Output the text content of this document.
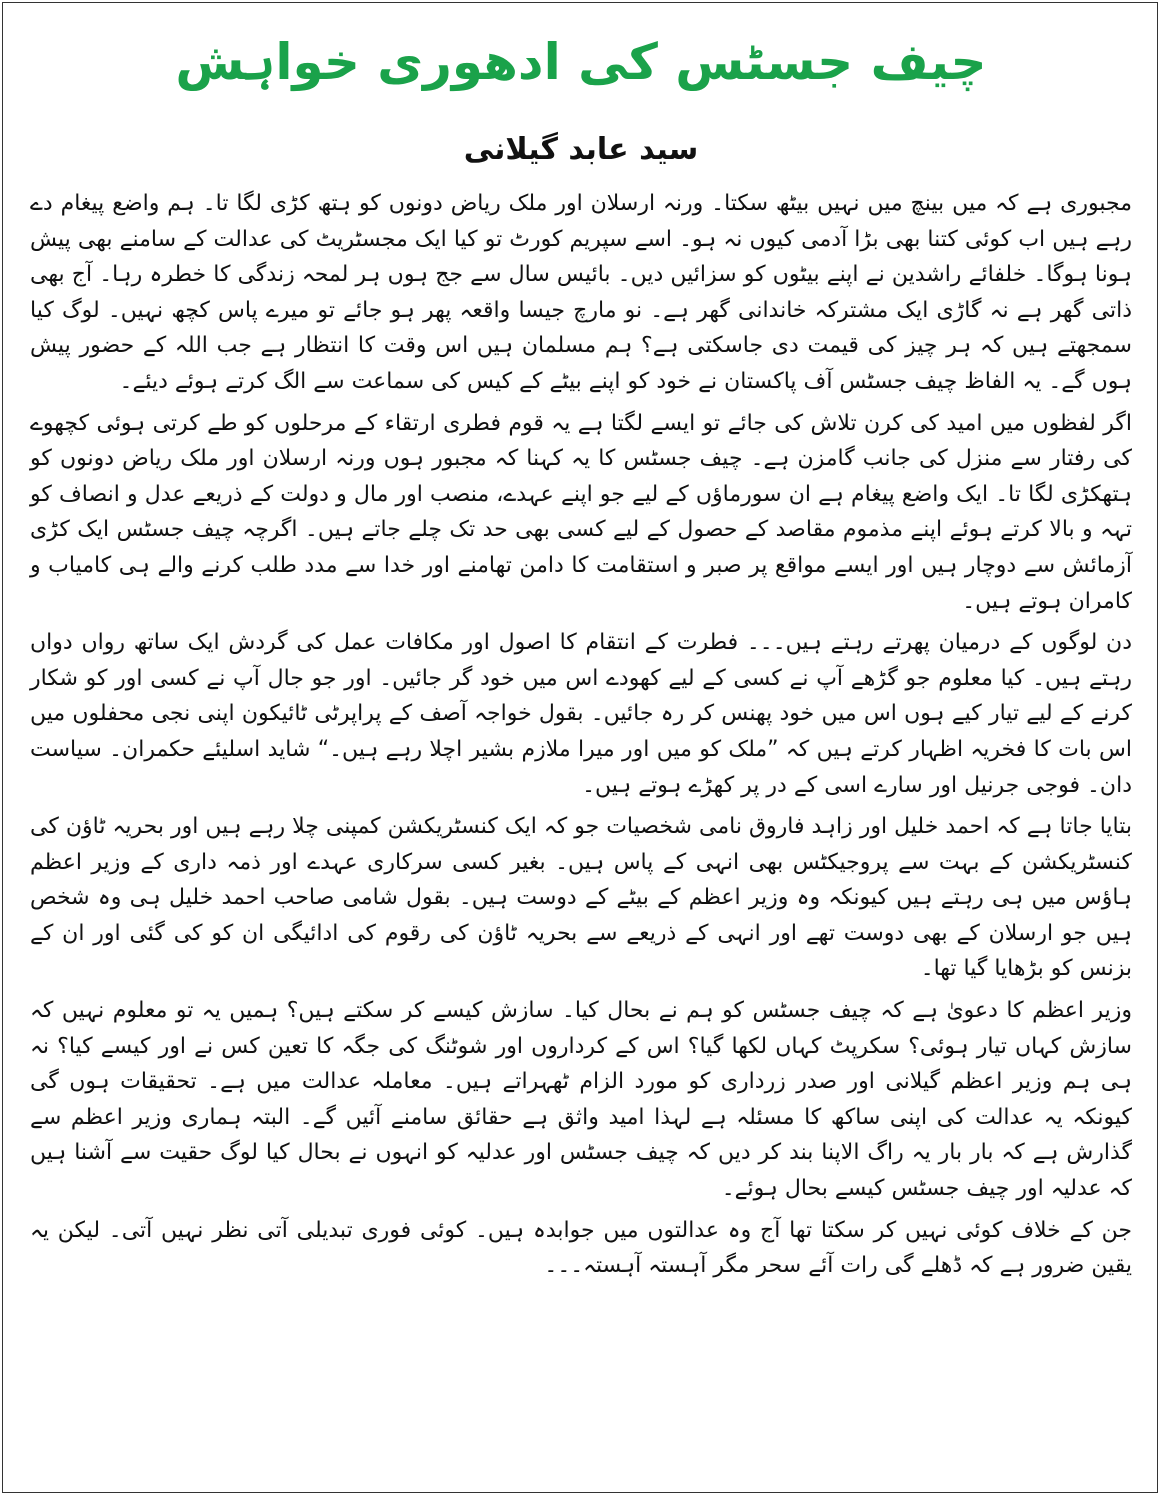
چیف جسٹس کی ادھوری خواہش
سید عابد گیلانی

مجبوری ہے کہ میں بینچ میں نہیں بیٹھ سکتا۔ ورنہ ارسلان اور ملک ریاض دونوں کو ہتھ کڑی لگا تا۔ ہم واضع پیغام دے رہے ہیں اب کوئی کتنا بھی بڑا آدمی کیوں نہ ہو۔ اسے سپریم کورٹ تو کیا ایک مجسٹریٹ کی عدالت کے سامنے بھی پیش ہونا ہوگا۔ خلفائے راشدین نے اپنے بیٹوں کو سزائیں دیں۔ بائیس سال سے جج ہوں ہر لمحہ زندگی کا خطرہ رہا۔ آج بھی ذاتی گھر ہے نہ گاڑی ایک مشترکہ خاندانی گھر ہے۔ نو مارچ جیسا واقعہ پھر ہو جائے تو میرے پاس کچھ نہیں۔ لوگ کیا سمجھتے ہیں کہ ہر چیز کی قیمت دی جاسکتی ہے؟ ہم مسلمان ہیں اس وقت کا انتظار ہے جب اللہ کے حضور پیش ہوں گے۔ یہ الفاظ چیف جسٹس آف پاکستان نے خود کو اپنے بیٹے کے کیس کی سماعت سے الگ کرتے ہوئے دیئے۔

اگر لفظوں میں امید کی کرن تلاش کی جائے تو ایسے لگتا ہے یہ قوم فطری ارتقاء کے مرحلوں کو طے کرتی ہوئی کچھوے کی رفتار سے منزل کی جانب گامزن ہے۔ چیف جسٹس کا یہ کہنا کہ مجبور ہوں ورنہ ارسلان اور ملک ریاض دونوں کو ہتھکڑی لگا تا۔ ایک واضع پیغام ہے ان سورماؤں کے لیے جو اپنے عہدے، منصب اور مال و دولت کے ذریعے عدل و انصاف کو تہہ و بالا کرتے ہوئے اپنے مذموم مقاصد کے حصول کے لیے کسی بھی حد تک چلے جاتے ہیں۔ اگرچہ چیف جسٹس ایک کڑی آزمائش سے دوچار ہیں اور ایسے مواقع پر صبر و استقامت کا دامن تھامنے اور خدا سے مدد طلب کرنے والے ہی کامیاب و کامران ہوتے ہیں۔

دن لوگوں کے درمیان پھرتے رہتے ہیں۔۔۔ فطرت کے انتقام کا اصول اور مکافات عمل کی گردش ایک ساتھ رواں دواں رہتے ہیں۔ کیا معلوم جو گڑھے آپ نے کسی کے لیے کھودے اس میں خود گر جائیں۔ اور جو جال آپ نے کسی اور کو شکار کرنے کے لیے تیار کیے ہوں اس میں خود پھنس کر رہ جائیں۔ بقول خواجہ آصف کے پراپرٹی ٹائیکون اپنی نجی محفلوں میں اس بات کا فخریہ اظہار کرتے ہیں کہ ”ملک کو میں اور میرا ملازم بشیر اچلا رہے ہیں۔“ شاید اسلیئے حکمران۔ سیاست دان۔ فوجی جرنیل اور سارے اسی کے در پر کھڑے ہوتے ہیں۔

بتایا جاتا ہے کہ احمد خلیل اور زاہد فاروق نامی شخصیات جو کہ ایک کنسٹریکشن کمپنی چلا رہے ہیں اور بحریہ ٹاؤن کی کنسٹریکشن کے بہت سے پروجیکٹس بھی انہی کے پاس ہیں۔ بغیر کسی سرکاری عہدے اور ذمہ داری کے وزیر اعظم ہاؤس میں ہی رہتے ہیں کیونکہ وہ وزیر اعظم کے بیٹے کے دوست ہیں۔ بقول شامی صاحب احمد خلیل ہی وہ شخص ہیں جو ارسلان کے بھی دوست تھے اور انہی کے ذریعے سے بحریہ ٹاؤن کی رقوم کی ادائیگی ان کو کی گئی اور ان کے بزنس کو بڑھایا گیا تھا۔

وزیر اعظم کا دعویٰ ہے کہ چیف جسٹس کو ہم نے بحال کیا۔ سازش کیسے کر سکتے ہیں؟ ہمیں یہ تو معلوم نہیں کہ سازش کہاں تیار ہوئی؟ سکرپٹ کہاں لکھا گیا؟ اس کے کرداروں اور شوٹنگ کی جگہ کا تعین کس نے اور کیسے کیا؟ نہ ہی ہم وزیر اعظم گیلانی اور صدر زرداری کو مورد الزام ٹھہراتے ہیں۔ معاملہ عدالت میں ہے۔ تحقیقات ہوں گی کیونکہ یہ عدالت کی اپنی ساکھ کا مسئلہ ہے لہذا امید واثق ہے حقائق سامنے آئیں گے۔ البتہ ہماری وزیر اعظم سے گذارش ہے کہ بار بار یہ راگ الاپنا بند کر دیں کہ چیف جسٹس اور عدلیہ کو انہوں نے بحال کیا لوگ حقیت سے آشنا ہیں کہ عدلیہ اور چیف جسٹس کیسے بحال ہوئے۔

جن کے خلاف کوئی نہیں کر سکتا تھا آج وہ عدالتوں میں جوابدہ ہیں۔ کوئی فوری تبدیلی آتی نظر نہیں آتی۔ لیکن یہ یقین ضرور ہے کہ ڈھلے گی رات آئے سحر مگر آہستہ آہستہ۔۔۔
